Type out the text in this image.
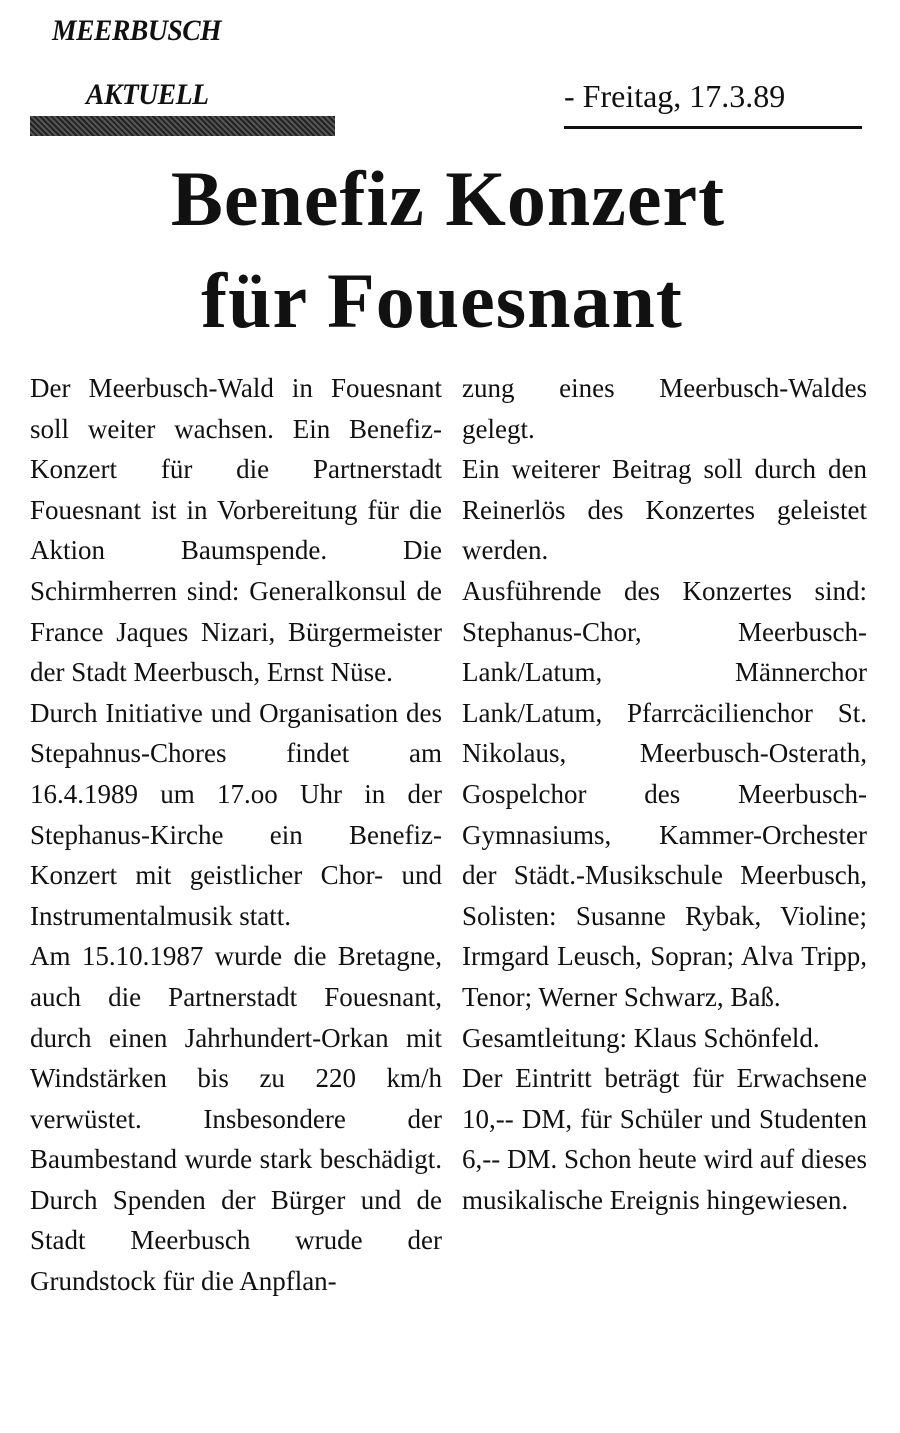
MEERBUSCH
AKTUELL	- Freitag, 17.3.89
Benefiz Konzert
für Fouesnant

Der Meerbusch-Wald in Fouesnant soll weiter wachsen. Ein Benefiz-Konzert für die Partnerstadt Fouesnant ist in Vorbereitung für die Aktion Baumspende. Die Schirmherren sind: Generalkonsul de France Jaques Nizari, Bürgermeister der Stadt Meerbusch, Ernst Nüse.

Durch Initiative und Organisation des Stepahnus-Chores findet am 16.4.1989 um 17.oo Uhr in der Stephanus-Kirche ein Benefiz-Konzert mit geistlicher Chor- und Instrumentalmusik statt.

Am 15.10.1987 wurde die Bretagne, auch die Partnerstadt Fouesnant, durch einen Jahrhundert-Orkan mit Windstärken bis zu 220 km/h verwüstet. Insbesondere der Baumbestand wurde stark beschädigt. Durch Spenden der Bürger und de Stadt Meerbusch wrude der Grundstock für die Anpflan-

zung eines Meerbusch-Waldes gelegt.

Ein weiterer Beitrag soll durch den Reinerlös des Konzertes geleistet werden.

Ausführende des Konzertes sind: Stephanus-Chor, Meerbusch-Lank/Latum, Männerchor Lank/Latum, Pfarrcäcilienchor St. Nikolaus, Meerbusch-Osterath, Gospelchor des Meerbusch-Gymnasiums, Kammer-Orchester der Städt.-Musikschule Meerbusch, Solisten: Susanne Rybak, Violine; Irmgard Leusch, Sopran; Alva Tripp, Tenor; Werner Schwarz, Baß.

Gesamtleitung: Klaus Schönfeld.

Der Eintritt beträgt für Erwachsene 10,-- DM, für Schüler und Studenten 6,-- DM. Schon heute wird auf dieses musikalische Ereignis hingewiesen.
